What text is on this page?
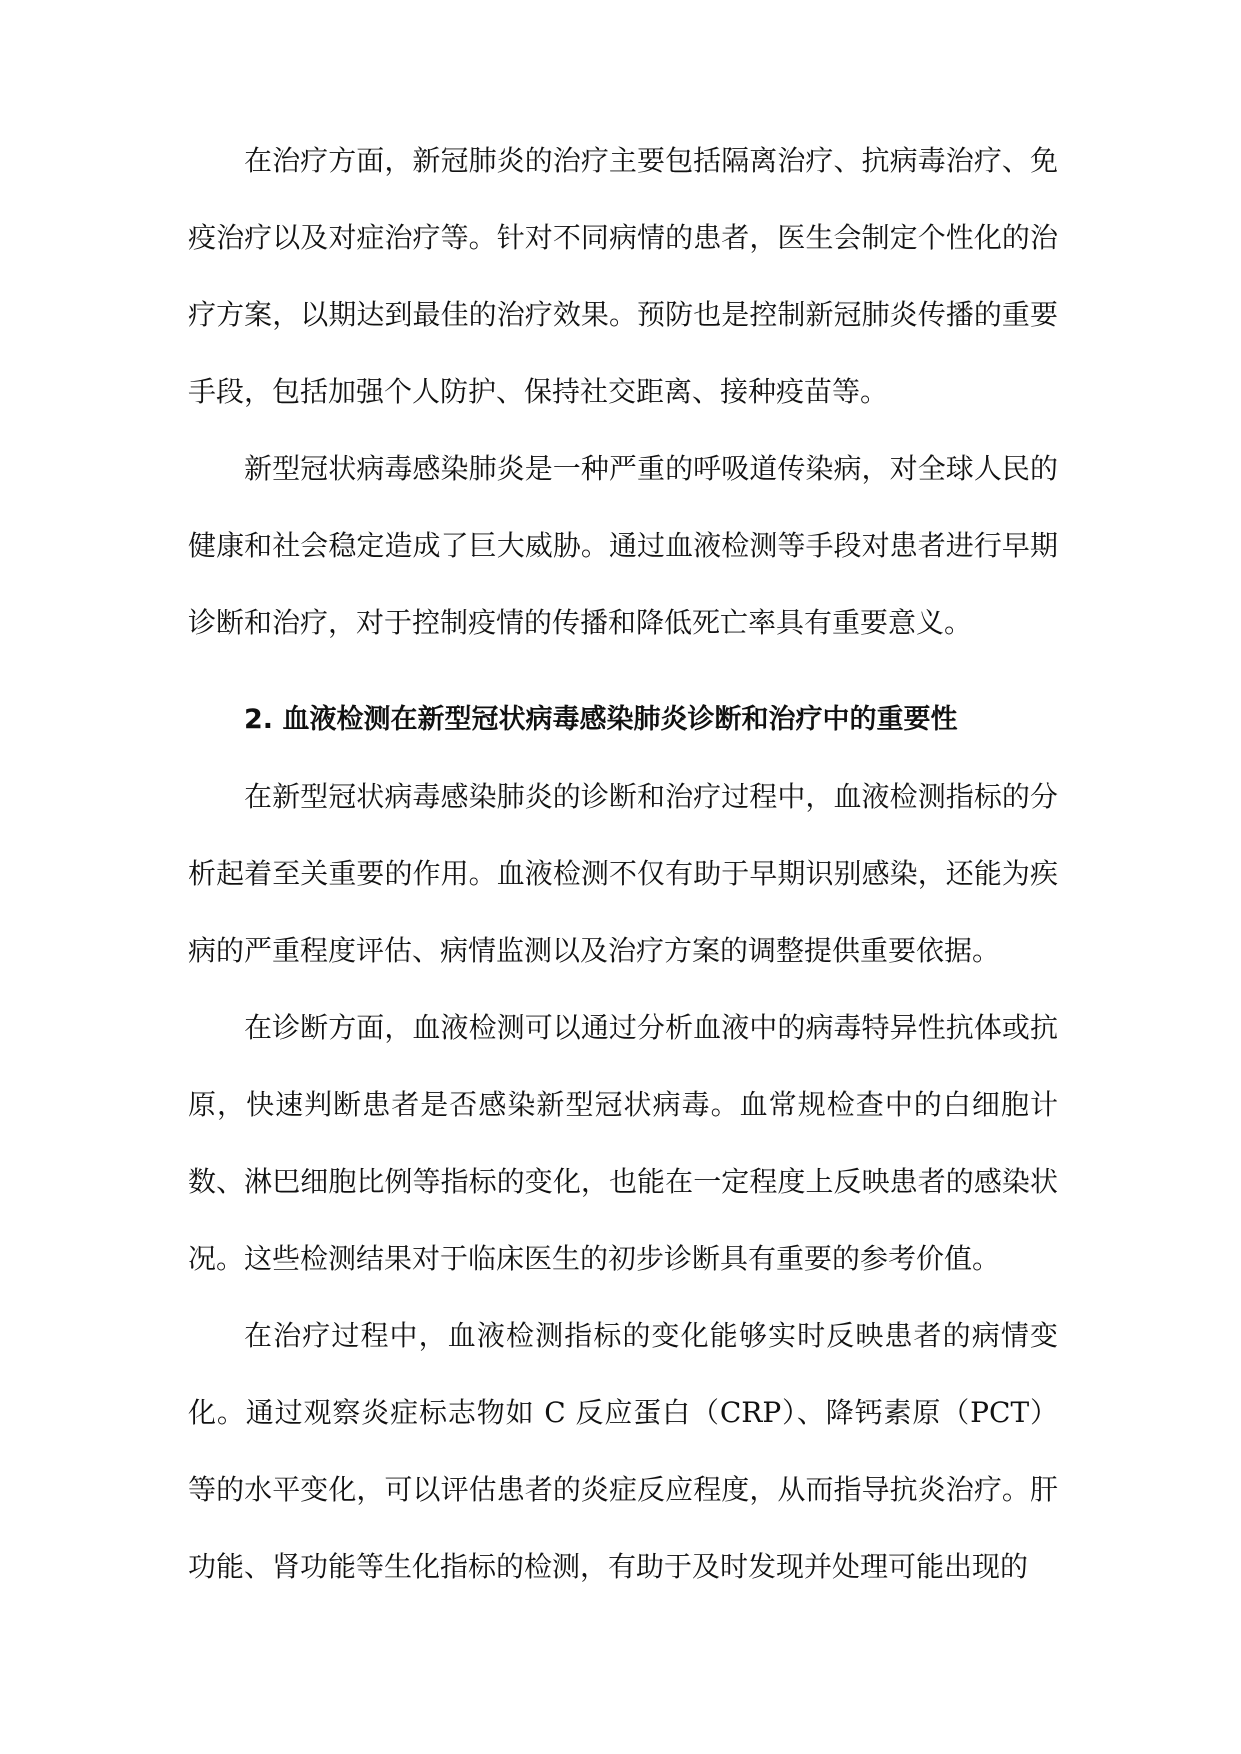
在治疗方面，新冠肺炎的治疗主要包括隔离治疗、抗病毒治疗、免疫治疗以及对症治疗等。针对不同病情的患者，医生会制定个性化的治疗方案，以期达到最佳的治疗效果。预防也是控制新冠肺炎传播的重要手段，包括加强个人防护、保持社交距离、接种疫苗等。

新型冠状病毒感染肺炎是一种严重的呼吸道传染病，对全球人民的健康和社会稳定造成了巨大威胁。通过血液检测等手段对患者进行早期诊断和治疗，对于控制疫情的传播和降低死亡率具有重要意义。

2. 血液检测在新型冠状病毒感染肺炎诊断和治疗中的重要性

在新型冠状病毒感染肺炎的诊断和治疗过程中，血液检测指标的分析起着至关重要的作用。血液检测不仅有助于早期识别感染，还能为疾病的严重程度评估、病情监测以及治疗方案的调整提供重要依据。

在诊断方面，血液检测可以通过分析血液中的病毒特异性抗体或抗原，快速判断患者是否感染新型冠状病毒。血常规检查中的白细胞计数、淋巴细胞比例等指标的变化，也能在一定程度上反映患者的感染状况。这些检测结果对于临床医生的初步诊断具有重要的参考价值。

在治疗过程中，血液检测指标的变化能够实时反映患者的病情变化。通过观察炎症标志物如 C 反应蛋白（CRP）、降钙素原（PCT）等的水平变化，可以评估患者的炎症反应程度，从而指导抗炎治疗。肝功能、肾功能等生化指标的检测，有助于及时发现并处理可能出现的
